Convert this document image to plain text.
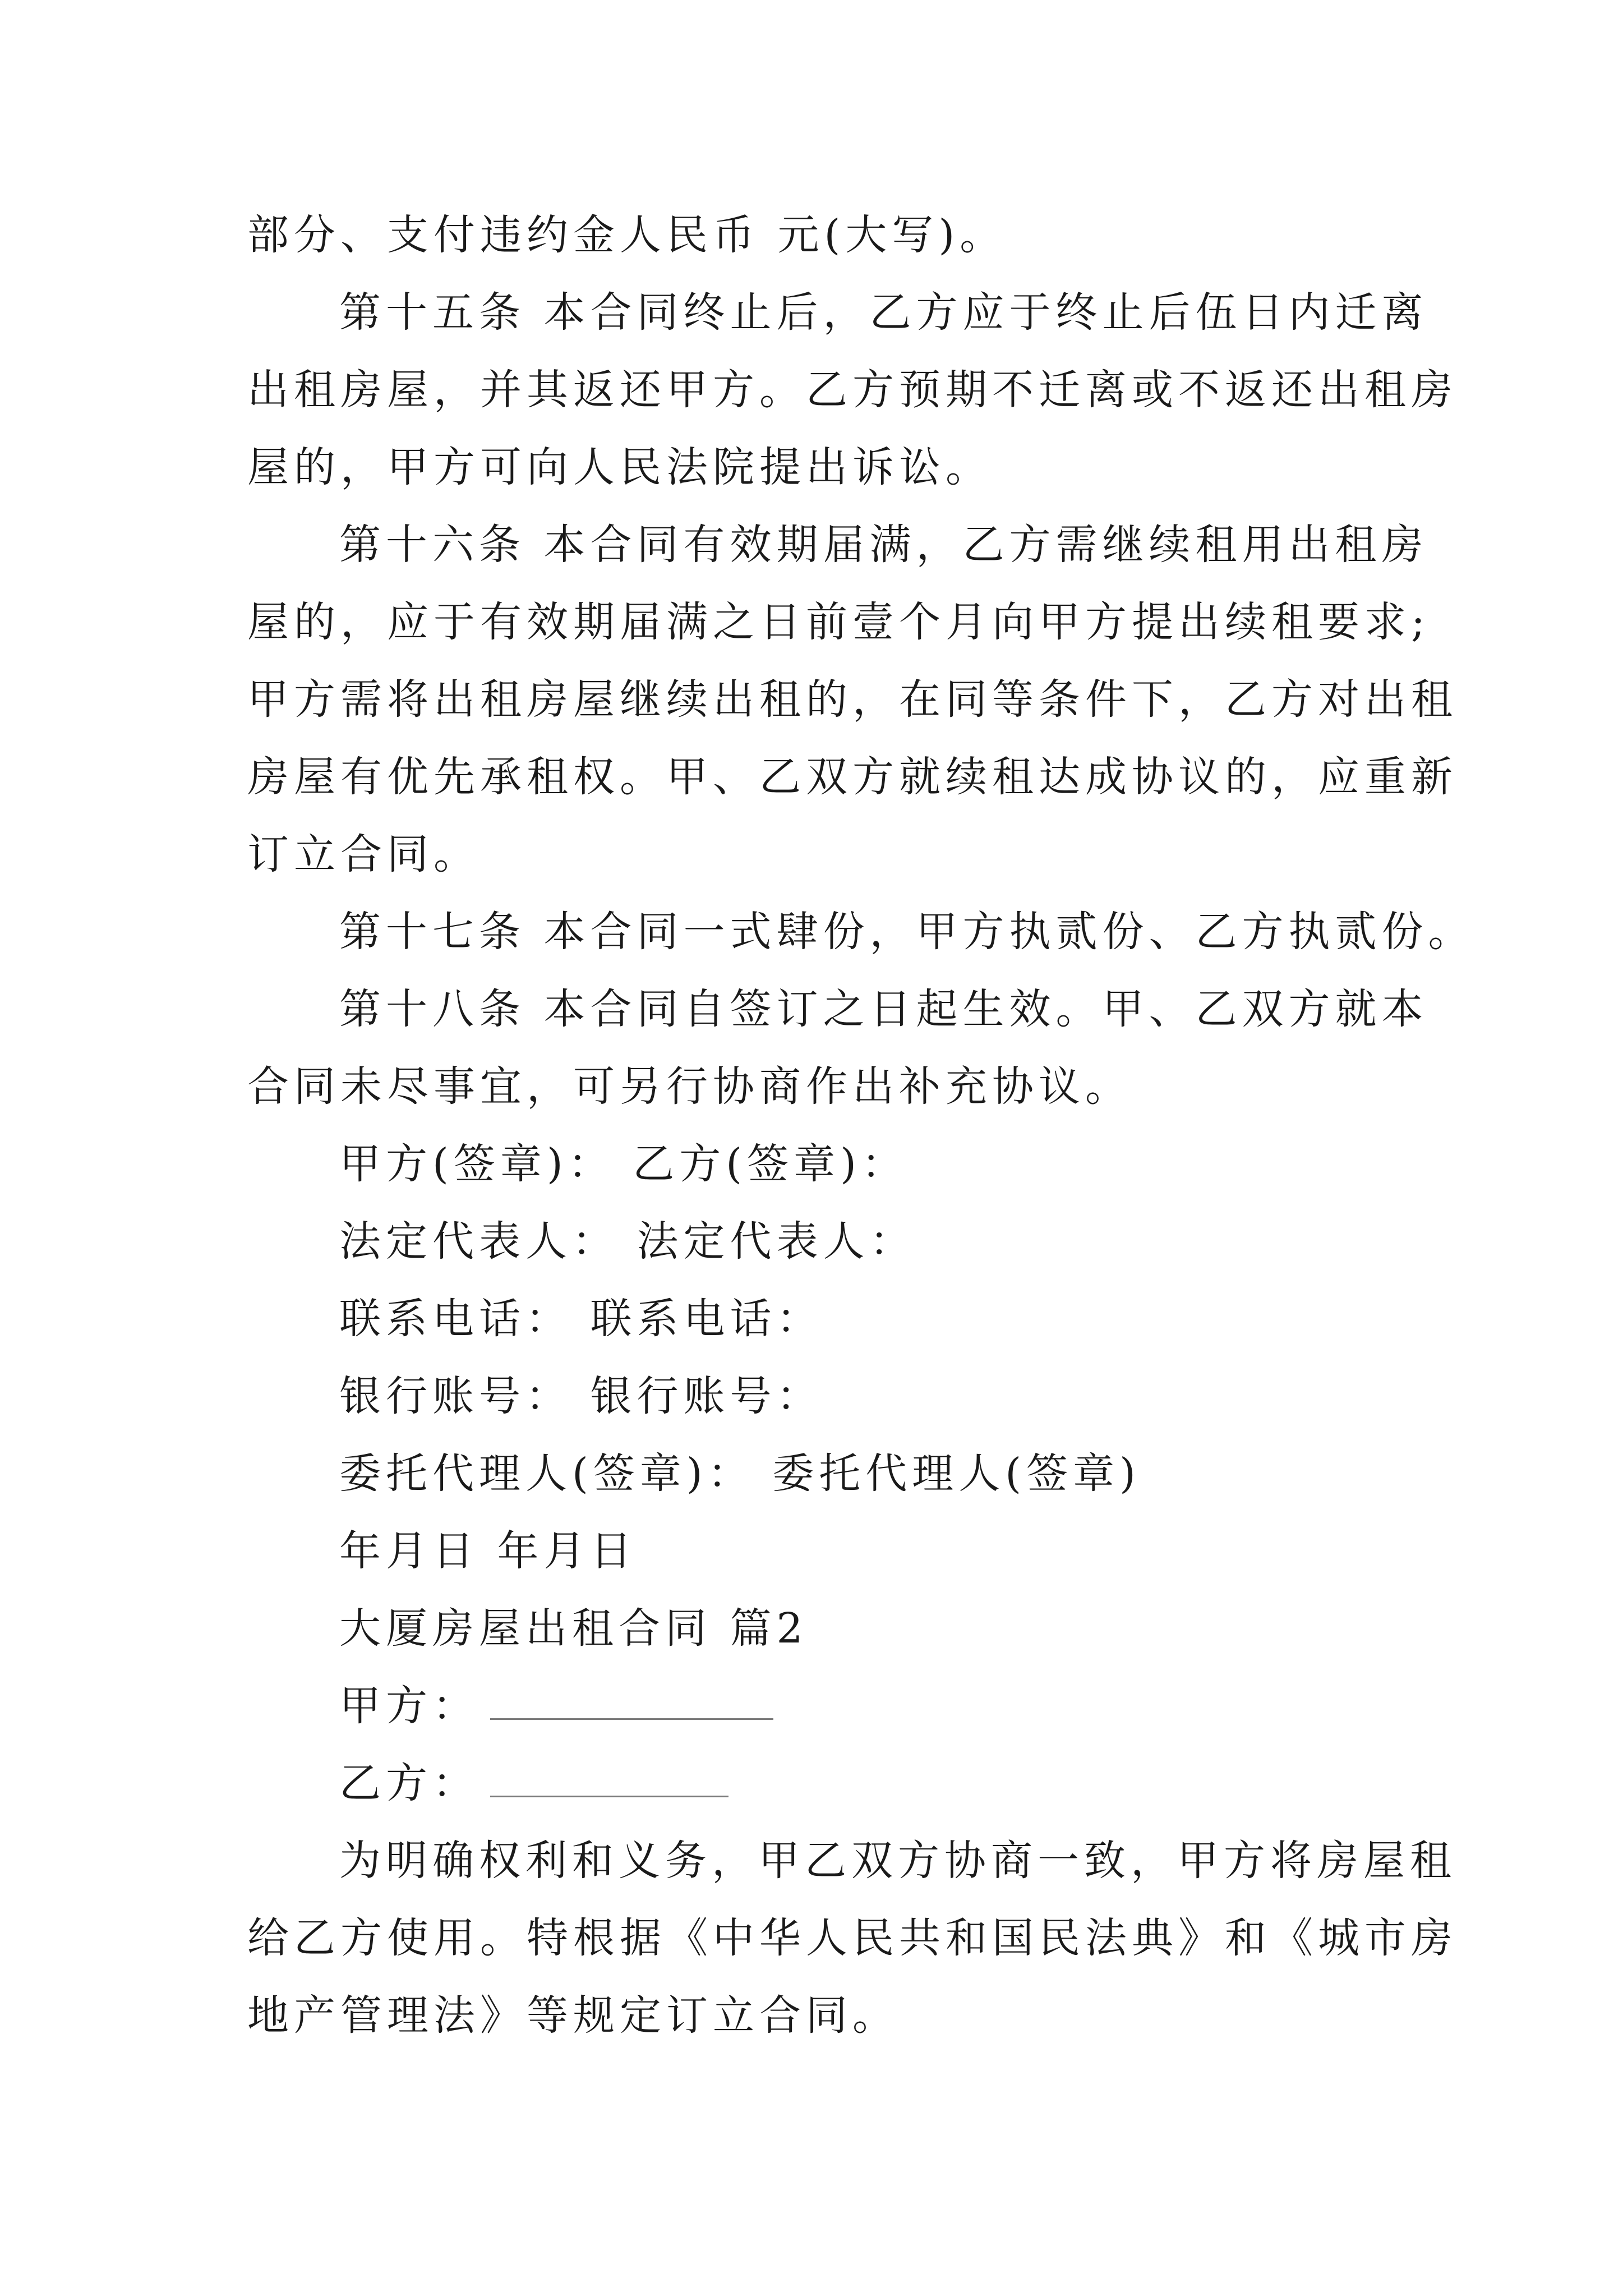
部分、支付违约金人民币 元(大写)。
第十五条 本合同终止后，乙方应于终止后伍日内迁离
出租房屋，并其返还甲方。乙方预期不迁离或不返还出租房
屋的，甲方可向人民法院提出诉讼。
第十六条 本合同有效期届满，乙方需继续租用出租房
屋的，应于有效期届满之日前壹个月向甲方提出续租要求;
甲方需将出租房屋继续出租的，在同等条件下，乙方对出租
房屋有优先承租权。甲、乙双方就续租达成协议的，应重新
订立合同。
第十七条 本合同一式肆份，甲方执贰份、乙方执贰份。
第十八条 本合同自签订之日起生效。甲、乙双方就本
合同未尽事宜，可另行协商作出补充协议。
甲方(签章)： 乙方(签章)：
法定代表人： 法定代表人：
联系电话： 联系电话：
银行账号： 银行账号：
委托代理人(签章)： 委托代理人(签章)
年月日 年月日
大厦房屋出租合同 篇2
甲方：
乙方：
为明确权利和义务，甲乙双方协商一致，甲方将房屋租
给乙方使用。特根据《中华人民共和国民法典》和《城市房
地产管理法》等规定订立合同。
